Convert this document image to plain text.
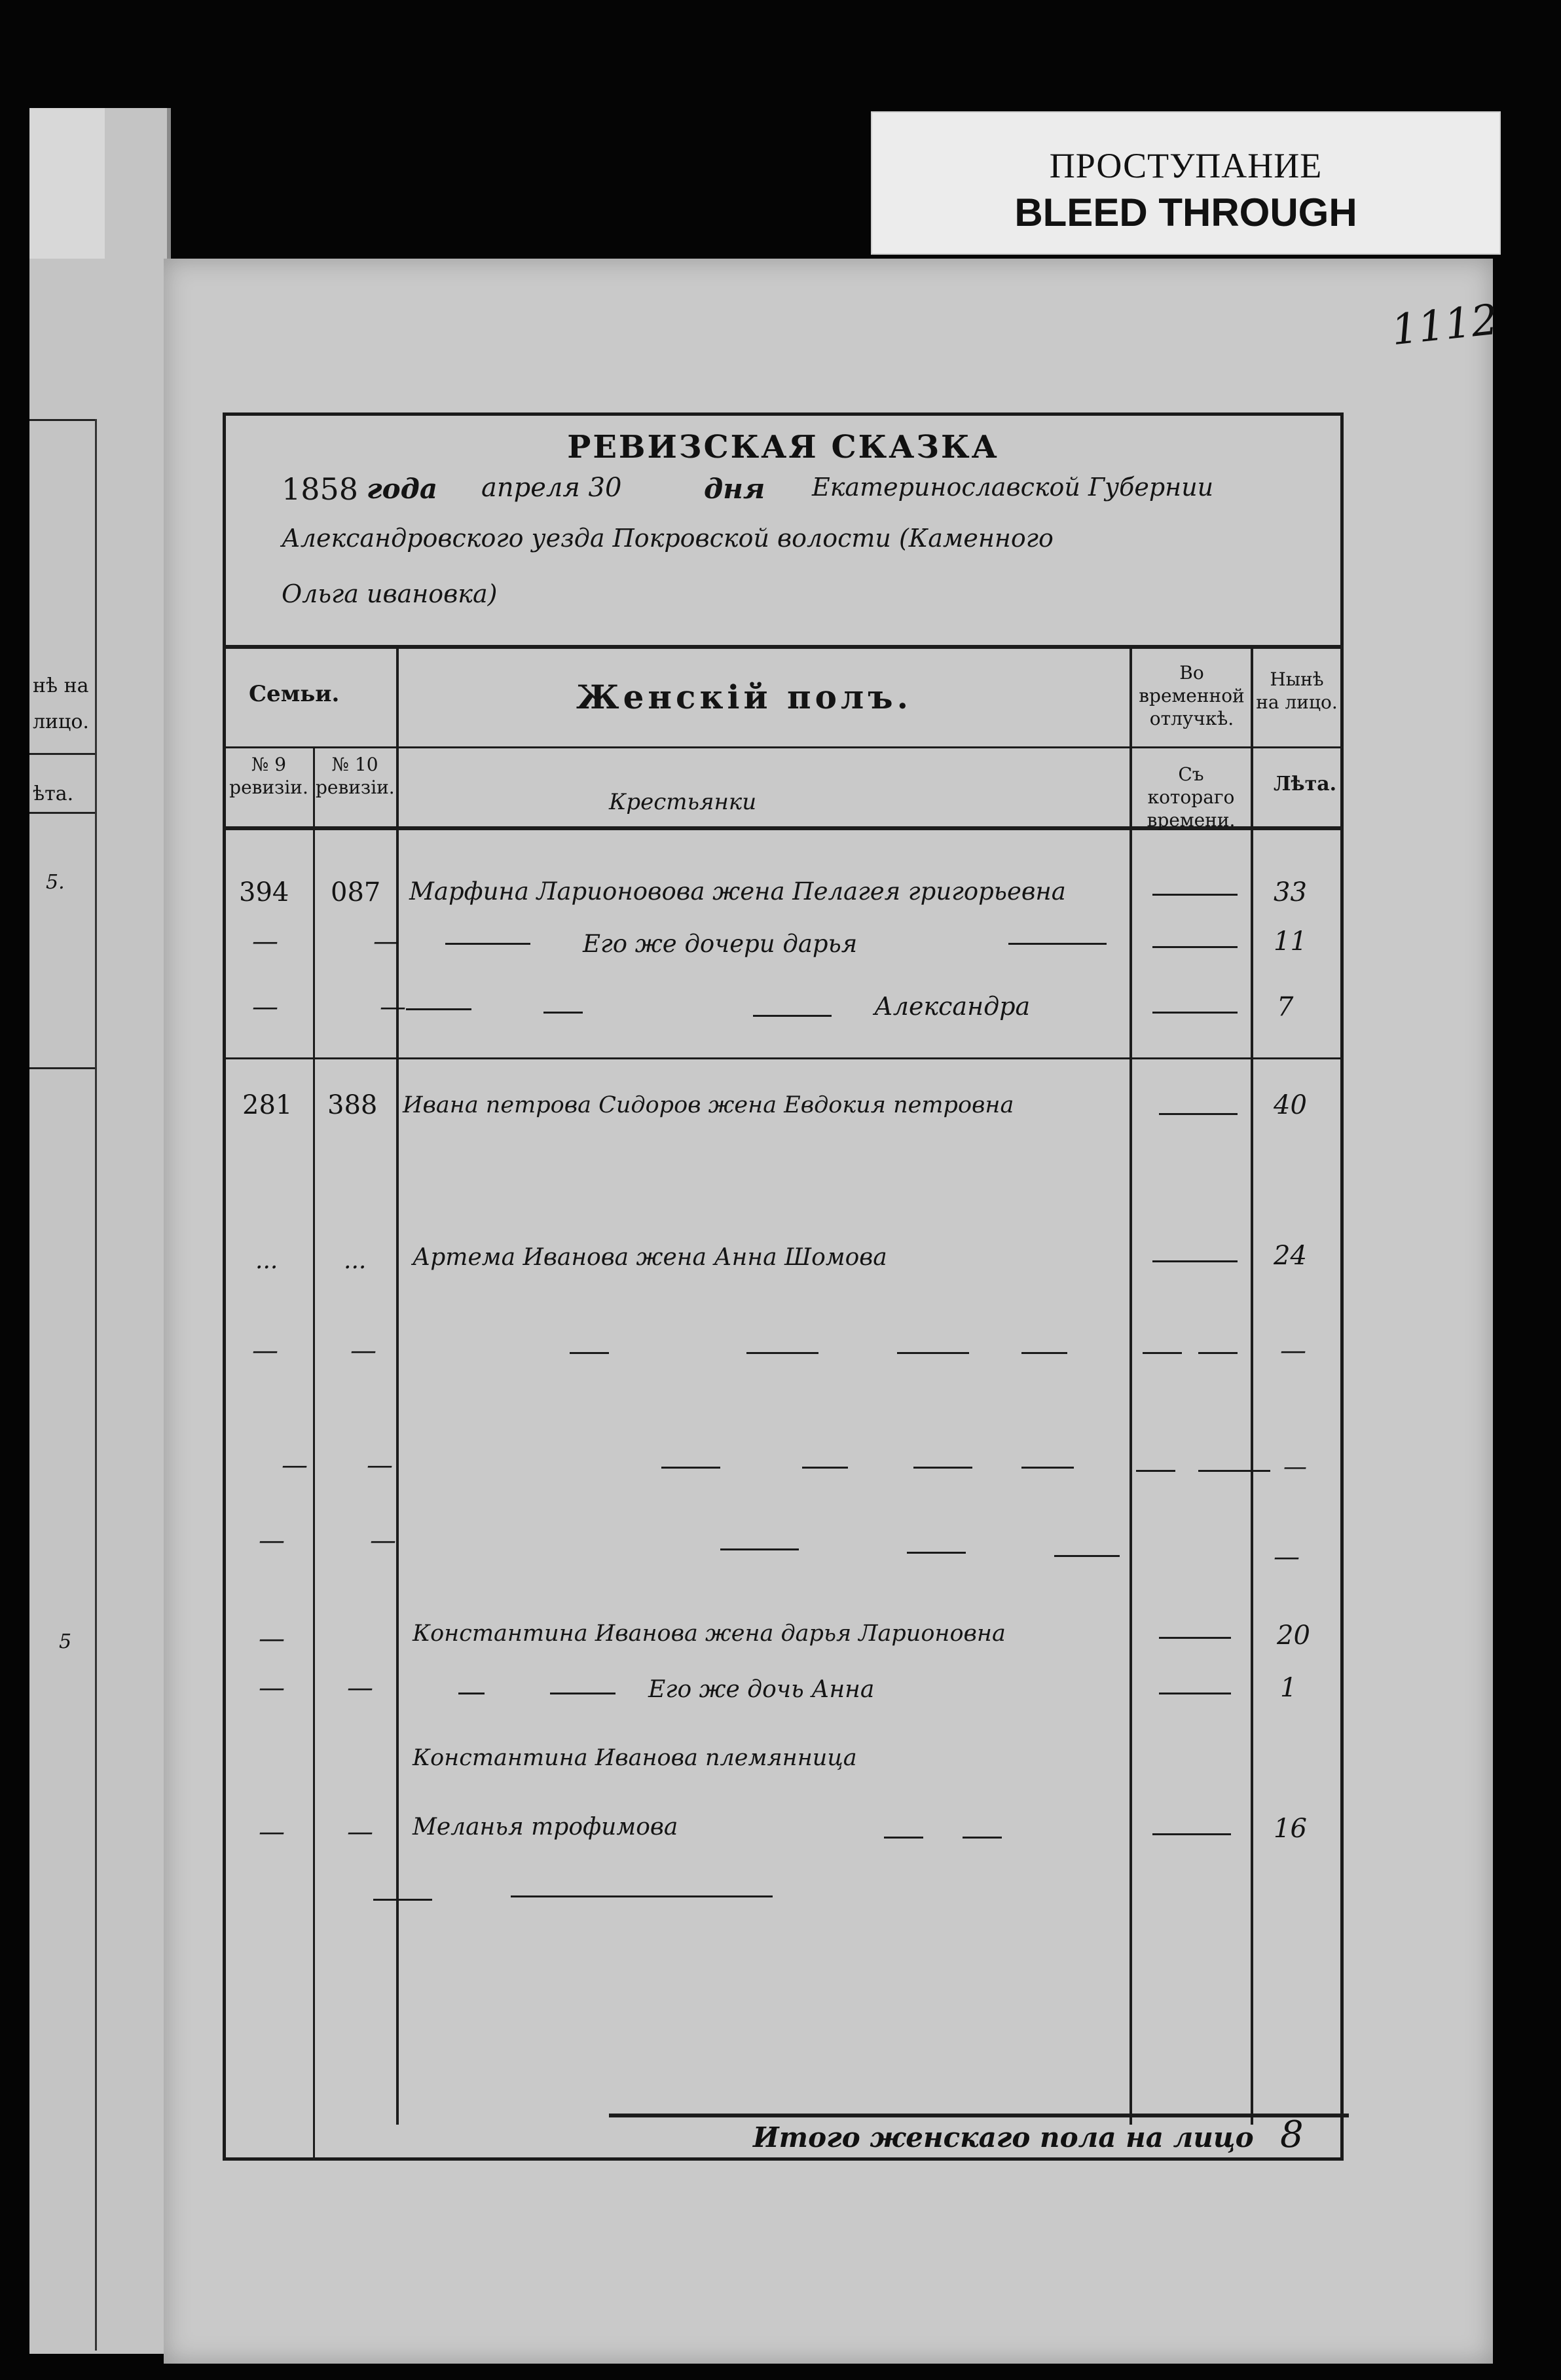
нѣ на
лицо.
ѣта.
5.
5
ПРОСТУПАНИЕ
BLEED THROUGH
1112
РЕВИЗСКАЯ СКАЗКА
1858 года апреля 30	дня Екатеринославской Губернии
Александровского уезда Покровской волости (Каменного
Ольга ивановка)
Семьи.	Женскій полъ.
Во временной отлучкѣ.
Нынѣ на лицо.
№ 9 ревизіи.
№ 10 ревизіи.
Съ котораго времени.
Лѣта.
Крестьянки
394 087 Марфина Ларионовова жена Пелагея григорьевна	33
—	—	Его же дочери дарья	11
—	—	Александра	7
281 388 Ивана петрова Сидоров жена Евдокия петровна	40
...	... Артема Ивановa жена Анна Шомова	24
—	—	—
— —	—
—	—
—
—	Константина Иванова жена дарья Ларионовна	20
— —	Его же дочь Анна	1
Константина Иванова племянница
— — Меланья трофимова	16
Итого женскаго пола на лицо 8
